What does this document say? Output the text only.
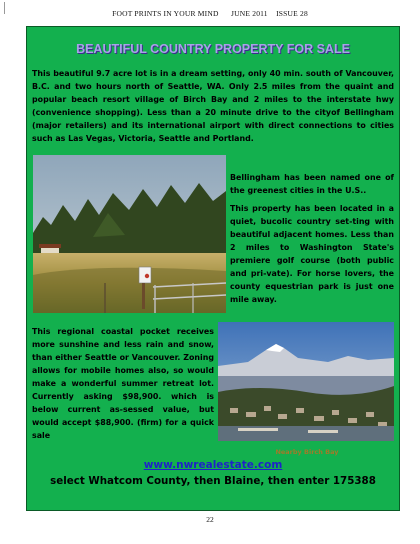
FOOT PRINTS IN YOUR MIND JUNE 2011 ISSUE 28
BEAUTIFUL COUNTRY PROPERTY FOR SALE

This beautiful 9.7 acre lot is in a dream setting, only 40 min. south of Vancouver, B.C. and two hours north of Seattle, WA. Only 2.5 miles from the quaint and popular beach resort village of Birch Bay and 2 miles to the interstate hwy (convenience shopping). Less than a 20 minute drive to the cityof Bellingham (major retailers) and its international airport with direct connections to cities such as Las Vegas, Victoria, Seattle and Portland.

Bellingham has been named one of the greenest cities in the U.S..

This property has been located in a quiet, bucolic country set-ting with beautiful adjacent homes. Less than 2 miles to Washington State's premiere golf course (both public and pri-vate). For horse lovers, the county equestrian park is just one mile away.

This regional coastal pocket receives more sunshine and less rain and snow, than either Seattle or Vancouver. Zoning allows for mobile homes also, so would make a wonderful summer retreat lot. Currently asking $98,900. which is below current as-sessed value, but would accept $88,900. (firm) for a quick sale

Nearby Birch Bay
www.nwrealestate.com
select Whatcom County, then Blaine, then enter 175388
22
